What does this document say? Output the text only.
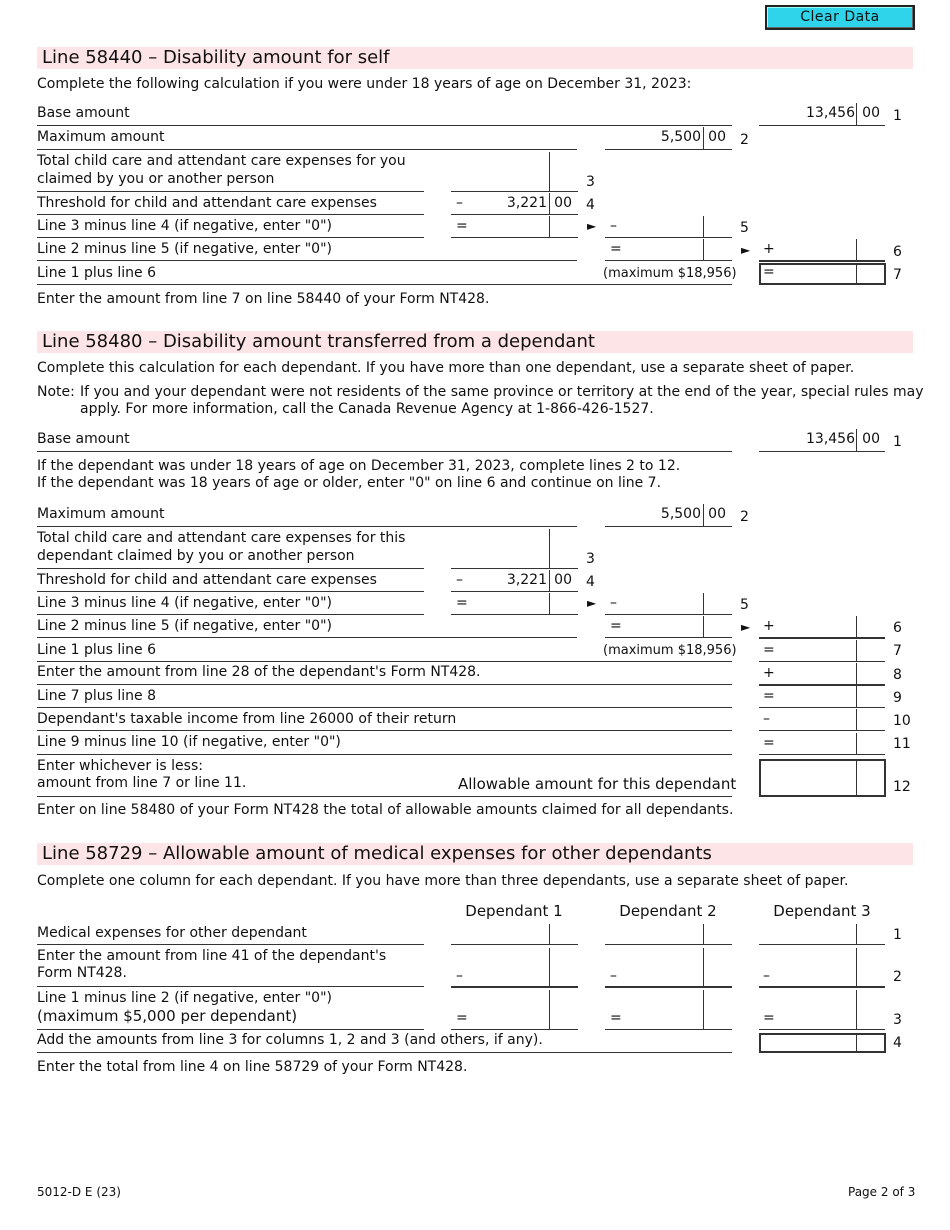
Clear Data
Line 58440 – Disability amount for self
Complete the following calculation if you were under 18 years of age on December 31, 2023:
Base amount	13,456 00 1
Maximum amount	5,500 00 2
Total child care and attendant care expenses for you
claimed by you or another person	3
Threshold for child and attendant care expenses	–	3,221 00 4
Line 3 minus line 4 (if negative, enter "0")	=	► –	5
Line 2 minus line 5 (if negative, enter "0")	=	► +	6
Line 1 plus line 6	(maximum $18,956) =	7
Enter the amount from line 7 on line 58440 of your Form NT428.
Line 58480 – Disability amount transferred from a dependant
Complete this calculation for each dependant. If you have more than one dependant, use a separate sheet of paper.
Note: If you and your dependant were not residents of the same province or territory at the end of the year, special rules may
apply. For more information, call the Canada Revenue Agency at 1-866-426-1527.
Base amount	13,456 00 1
If the dependant was under 18 years of age on December 31, 2023, complete lines 2 to 12.
If the dependant was 18 years of age or older, enter "0" on line 6 and continue on line 7.
Maximum amount	5,500 00 2
Total child care and attendant care expenses for this
dependant claimed by you or another person	3
Threshold for child and attendant care expenses	–	3,221 00 4
Line 3 minus line 4 (if negative, enter "0")	=	► –	5
Line 2 minus line 5 (if negative, enter "0")	=	► +	6
Line 1 plus line 6	(maximum $18,956) =	7
Enter the amount from line 28 of the dependant's Form NT428.	+	8
Line 7 plus line 8	=	9
Dependant's taxable income from line 26000 of their return	–	10
Line 9 minus line 10 (if negative, enter "0")	=	11
Enter whichever is less:
amount from line 7 or line 11.	Allowable amount for this dependant	12
Enter on line 58480 of your Form NT428 the total of allowable amounts claimed for all dependants.
Line 58729 – Allowable amount of medical expenses for other dependants
Complete one column for each dependant. If you have more than three dependants, use a separate sheet of paper.
Dependant 1	Dependant 2	Dependant 3
Medical expenses for other dependant	1
Enter the amount from line 41 of the dependant's
Form NT428.	–	–	–	2
Line 1 minus line 2 (if negative, enter "0")
(maximum $5,000 per dependant)	=	=	=	3
Add the amounts from line 3 for columns 1, 2 and 3 (and others, if any).	4
Enter the total from line 4 on line 58729 of your Form NT428.
5012-D E (23)	Page 2 of 3
